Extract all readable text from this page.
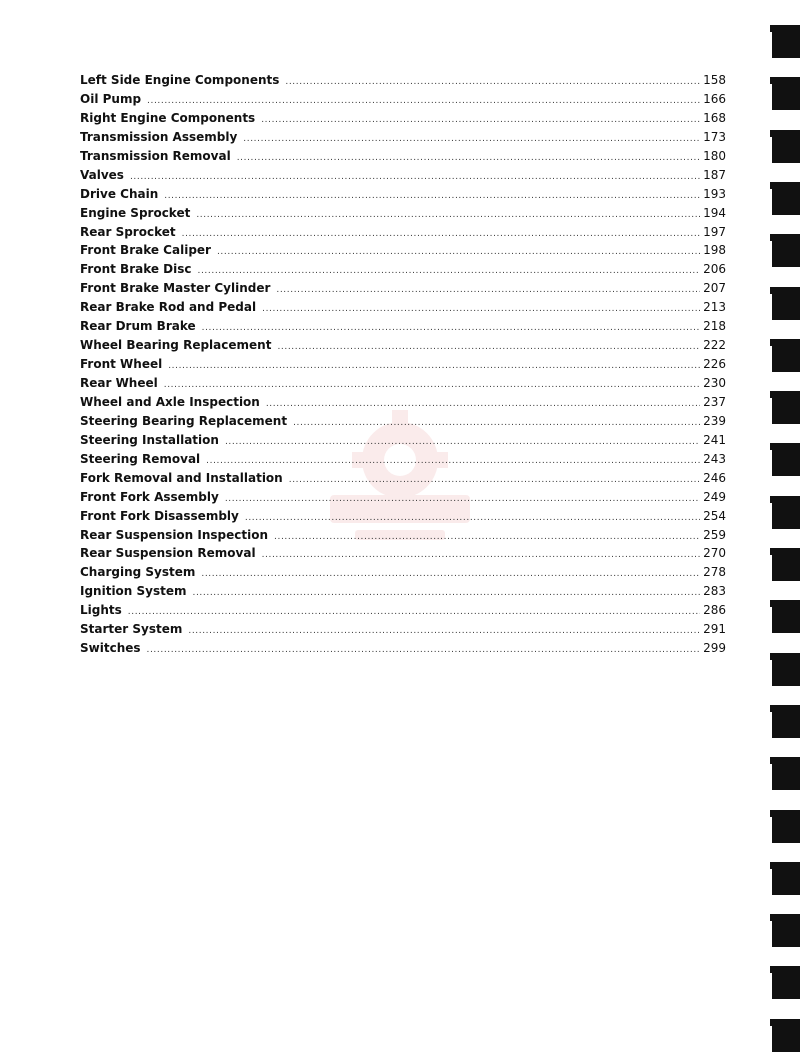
Left Side Engine Components .....	158
Oil Pump .....	166
Right Engine Components .....	168
Transmission Assembly .....	173
Transmission Removal .....	180
Valves .....	187
Drive Chain .....	193
Engine Sprocket .....	194
Rear Sprocket .....	197
Front Brake Caliper .....	198
Front Brake Disc .....	206
Front Brake Master Cylinder .....	207
Rear Brake Rod and Pedal .....	213
Rear Drum Brake .....	218
Wheel Bearing Replacement .....	222
Front Wheel .....	226
Rear Wheel .....	230
Wheel and Axle Inspection .....	237
Steering Bearing Replacement .....	239
Steering Installation .....	241
Steering Removal .....	243
Fork Removal and Installation .....	246
Front Fork Assembly .....	249
Front Fork Disassembly .....	254
Rear Suspension Inspection .....	259
Rear Suspension Removal .....	270
Charging System .....	278
Ignition System .....	283
Lights .....	286
Starter System .....	291
Switches .....	299
